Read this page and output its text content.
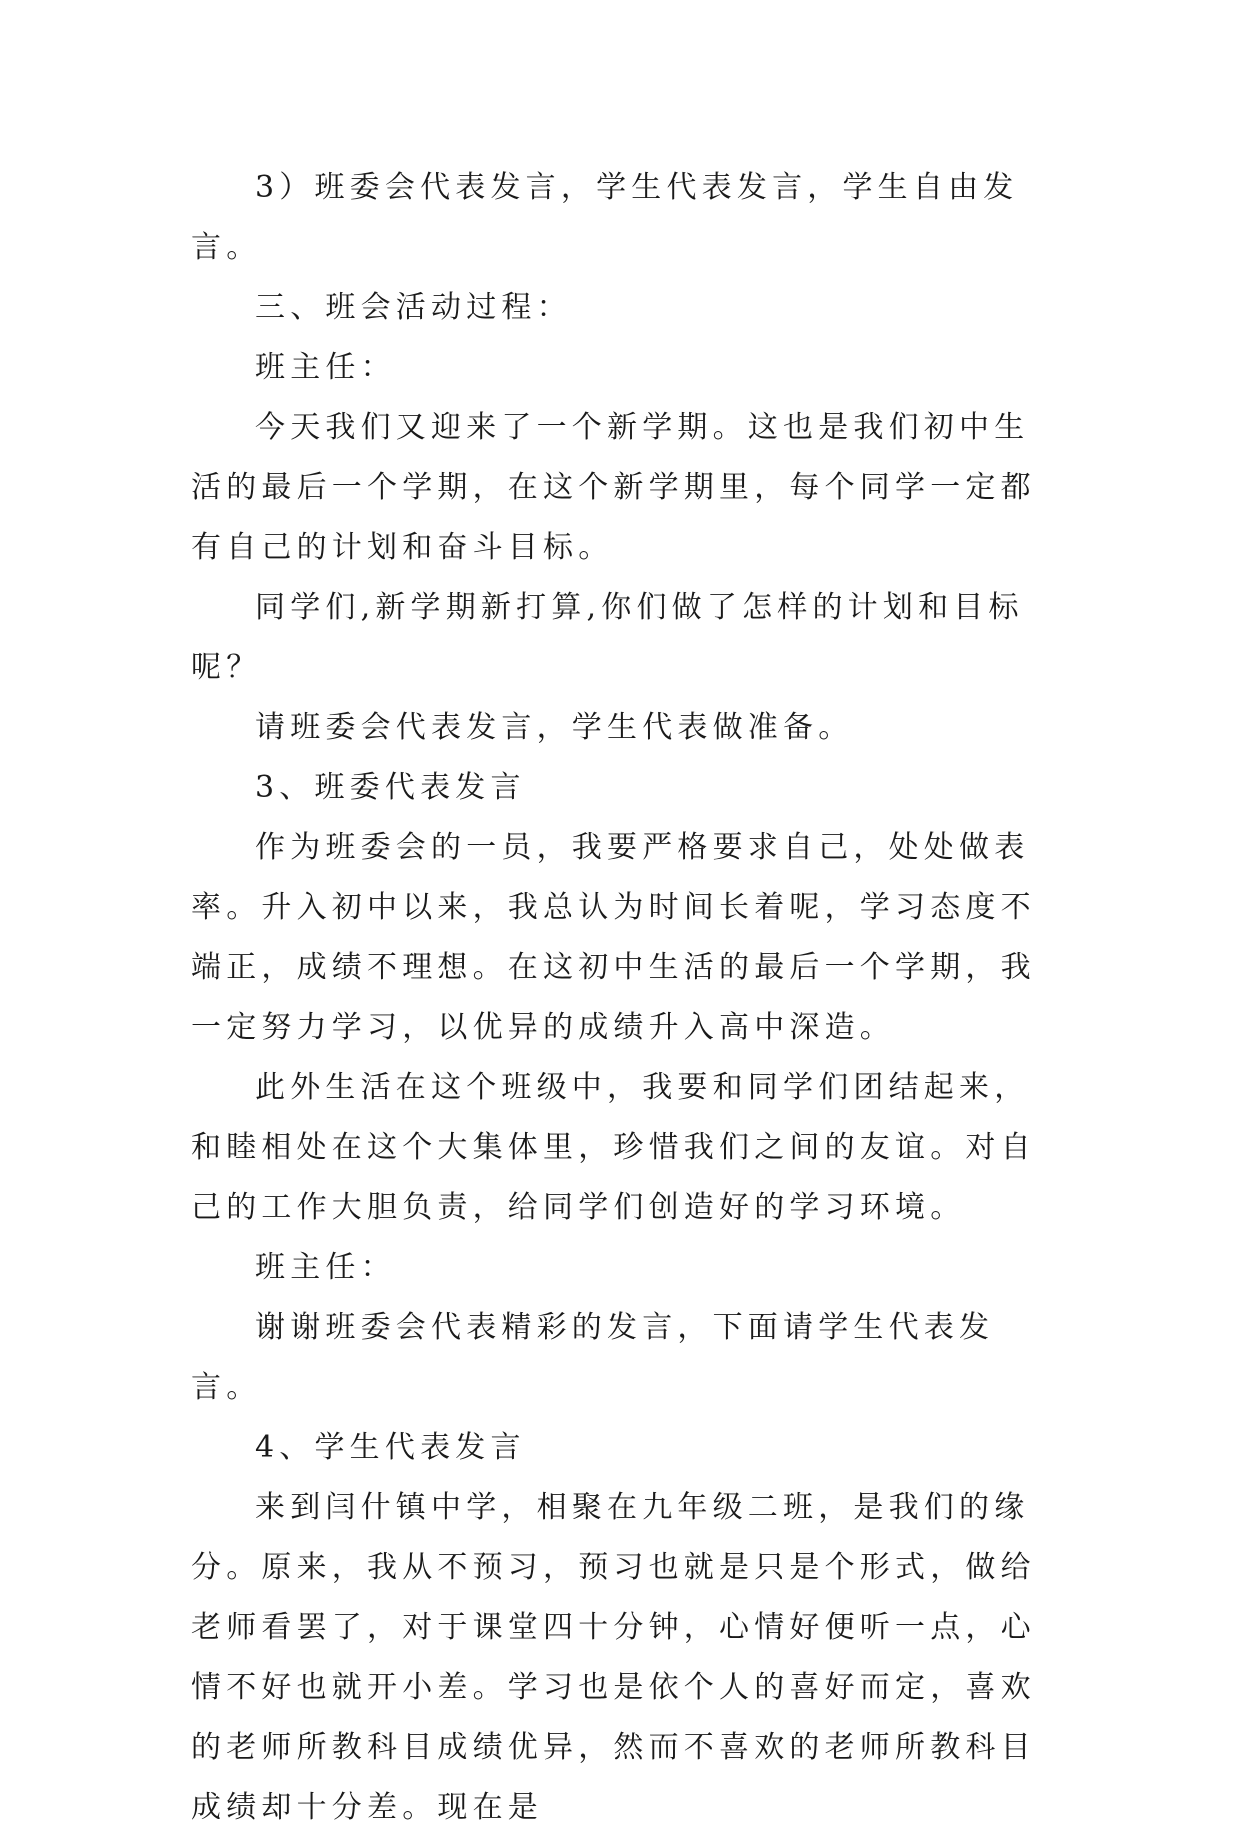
3）班委会代表发言，学生代表发言，学生自由发言。

三、班会活动过程：

班主任：

今天我们又迎来了一个新学期。这也是我们初中生活的最后一个学期，在这个新学期里，每个同学一定都有自己的计划和奋斗目标。

同学们,新学期新打算,你们做了怎样的计划和目标呢？

请班委会代表发言，学生代表做准备。

3、班委代表发言

作为班委会的一员，我要严格要求自己，处处做表率。升入初中以来，我总认为时间长着呢，学习态度不端正，成绩不理想。在这初中生活的最后一个学期，我一定努力学习，以优异的成绩升入高中深造。

此外生活在这个班级中，我要和同学们团结起来，和睦相处在这个大集体里，珍惜我们之间的友谊。对自己的工作大胆负责，给同学们创造好的学习环境。

班主任：

谢谢班委会代表精彩的发言，下面请学生代表发言。

4、学生代表发言

来到闫什镇中学，相聚在九年级二班，是我们的缘分。原来，我从不预习，预习也就是只是个形式，做给老师看罢了，对于课堂四十分钟，心情好便听一点，心情不好也就开小差。学习也是依个人的喜好而定，喜欢的老师所教科目成绩优异，然而不喜欢的老师所教科目成绩却十分差。现在是
